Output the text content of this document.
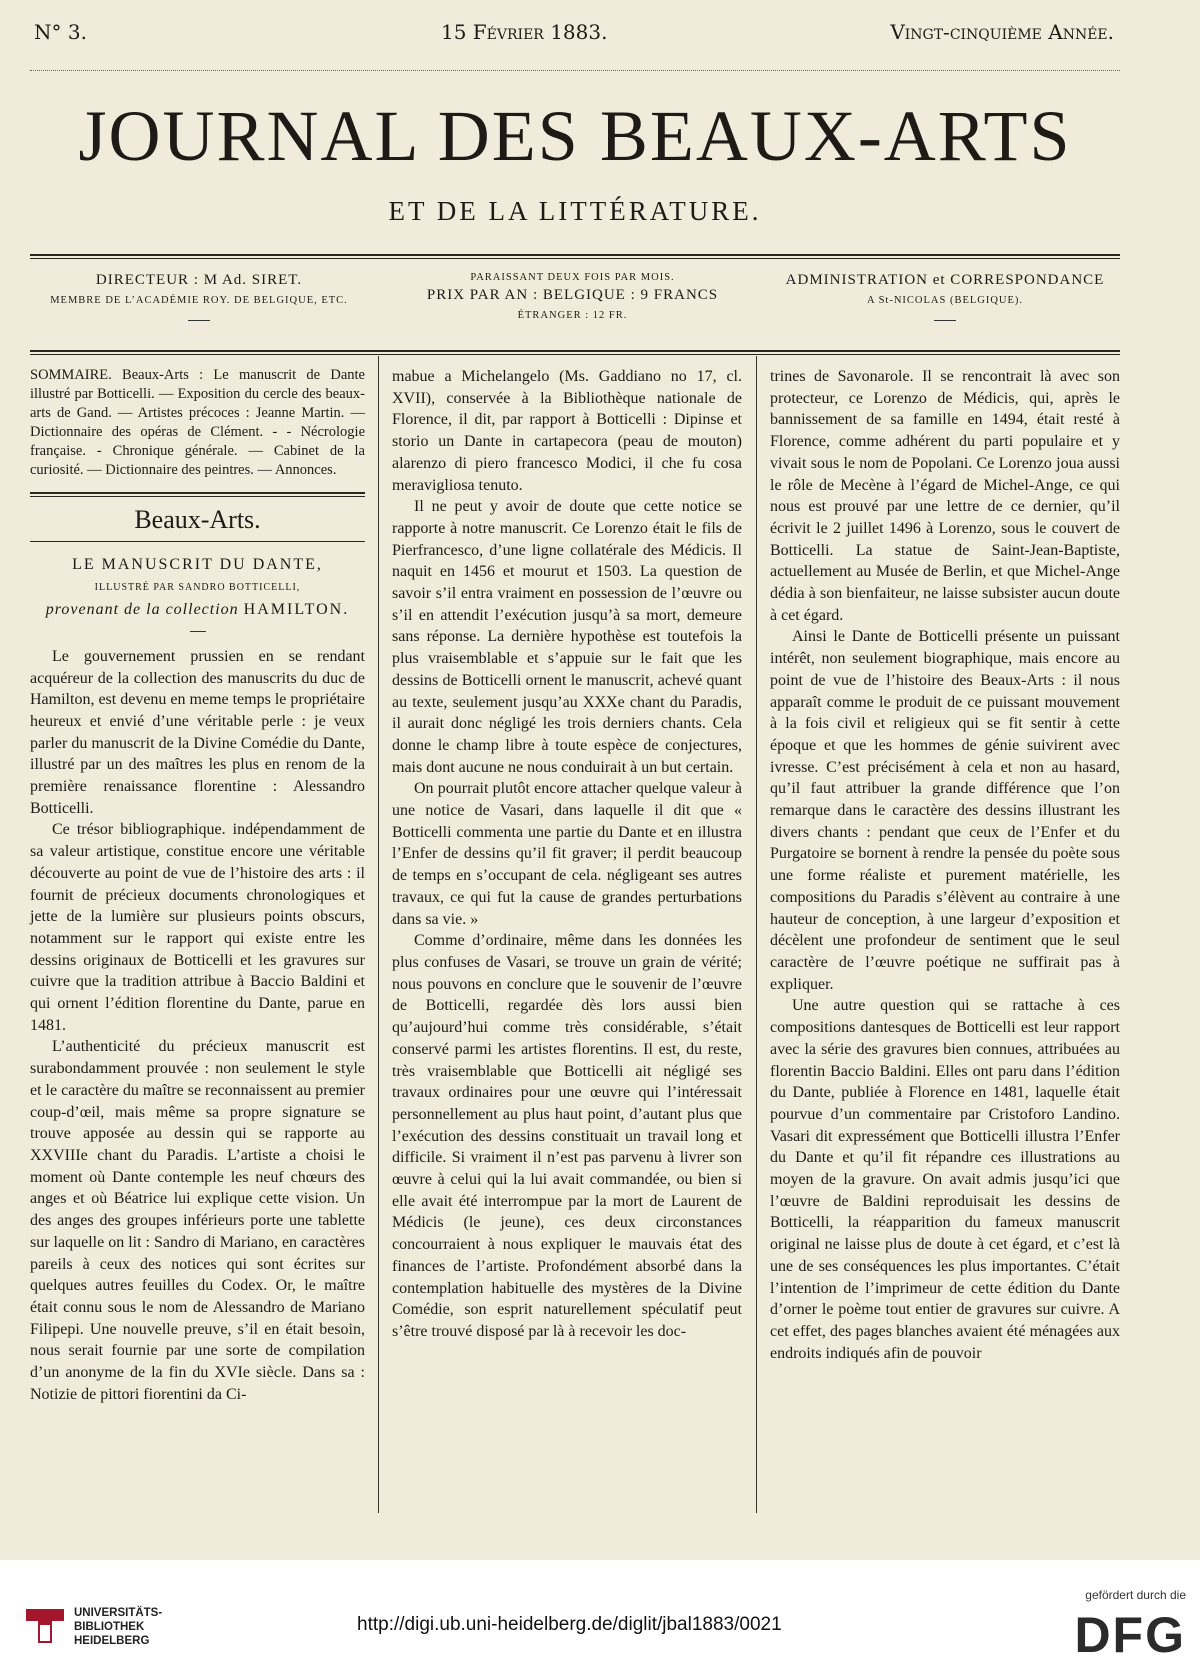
N° 3.	15 Février 1883.	Vingt-cinquième Année.
JOURNAL DES BEAUX-ARTS
ET DE LA LITTÉRATURE.
DIRECTEUR : M Ad. SIRET.
MEMBRE DE L’ACADÉMIE ROY. DE BELGIQUE, ETC.
PARAISSANT DEUX FOIS PAR MOIS.
PRIX PAR AN : BELGIQUE : 9 FRANCS
ÉTRANGER : 12 FR.
ADMINISTRATION et CORRESPONDANCE
A St-NICOLAS (BELGIQUE).

SOMMAIRE. Beaux-Arts : Le manuscrit de Dante illustré par Botticelli. — Exposition du cercle des beaux-arts de Gand. — Artistes précoces : Jeanne Martin. — Dictionnaire des opéras de Clément. - - Nécrologie française. - Chronique générale. — Cabinet de la curiosité. — Dictionnaire des peintres. — Annonces.

Beaux-Arts.
LE MANUSCRIT DU DANTE,
ILLUSTRÉ PAR SANDRO BOTTICELLI,
provenant de la collection HAMILTON.

Le gouvernement prussien en se rendant acquéreur de la collection des manuscrits du duc de Hamilton, est devenu en meme temps le propriétaire heureux et envié d’une véritable perle : je veux parler du manuscrit de la Divine Comédie du Dante, illustré par un des maîtres les plus en renom de la première renaissance florentine : Alessandro Botticelli.

Ce trésor bibliographique. indépendamment de sa valeur artistique, constitue encore une véritable découverte au point de vue de l’histoire des arts : il fournit de précieux documents chronologiques et jette de la lumière sur plusieurs points obscurs, notamment sur le rapport qui existe entre les dessins originaux de Botticelli et les gravures sur cuivre que la tradition attribue à Baccio Baldini et qui ornent l’édition florentine du Dante, parue en 1481.

L’authenticité du précieux manuscrit est surabondamment prouvée : non seulement le style et le caractère du maître se reconnaissent au premier coup-d’œil, mais même sa propre signature se trouve apposée au dessin qui se rapporte au XXVIIIe chant du Paradis. L’artiste a choisi le moment où Dante contemple les neuf chœurs des anges et où Béatrice lui explique cette vision. Un des anges des groupes inférieurs porte une tablette sur laquelle on lit : Sandro di Mariano, en caractères pareils à ceux des notices qui sont écrites sur quelques autres feuilles du Codex. Or, le maître était connu sous le nom de Alessandro de Mariano Filipepi. Une nouvelle preuve, s’il en était besoin, nous serait fournie par une sorte de compilation d’un anonyme de la fin du XVIe siècle. Dans sa : Notizie de pittori fiorentini da Ci-

mabue a Michelangelo (Ms. Gaddiano no 17, cl. XVII), conservée à la Bibliothèque nationale de Florence, il dit, par rapport à Botticelli : Dipinse et storio un Dante in cartapecora (peau de mouton) alarenzo di piero francesco Modici, il che fu cosa meravigliosa tenuto.

Il ne peut y avoir de doute que cette notice se rapporte à notre manuscrit. Ce Lorenzo était le fils de Pierfrancesco, d’une ligne collatérale des Médicis. Il naquit en 1456 et mourut et 1503. La question de savoir s’il entra vraiment en possession de l’œuvre ou s’il en attendit l’exécution jusqu’à sa mort, demeure sans réponse. La dernière hypothèse est toutefois la plus vraisemblable et s’appuie sur le fait que les dessins de Botticelli ornent le manuscrit, achevé quant au texte, seulement jusqu’au XXXe chant du Paradis, il aurait donc négligé les trois derniers chants. Cela donne le champ libre à toute espèce de conjectures, mais dont aucune ne nous conduirait à un but certain.

On pourrait plutôt encore attacher quelque valeur à une notice de Vasari, dans laquelle il dit que « Botticelli commenta une partie du Dante et en illustra l’Enfer de dessins qu’il fit graver; il perdit beaucoup de temps en s’occupant de cela. négligeant ses autres travaux, ce qui fut la cause de grandes perturbations dans sa vie. »

Comme d’ordinaire, même dans les données les plus confuses de Vasari, se trouve un grain de vérité; nous pouvons en conclure que le souvenir de l’œuvre de Botticelli, regardée dès lors aussi bien qu’aujourd’hui comme très considérable, s’était conservé parmi les artistes florentins. Il est, du reste, très vraisemblable que Botticelli ait négligé ses travaux ordinaires pour une œuvre qui l’intéressait personnellement au plus haut point, d’autant plus que l’exécution des dessins constituait un travail long et difficile. Si vraiment il n’est pas parvenu à livrer son œuvre à celui qui la lui avait commandée, ou bien si elle avait été interrompue par la mort de Laurent de Médicis (le jeune), ces deux circonstances concourraient à nous expliquer le mauvais état des finances de l’artiste. Profondément absorbé dans la contemplation habituelle des mystères de la Divine Comédie, son esprit naturellement spéculatif peut s’être trouvé disposé par là à recevoir les doc-

trines de Savonarole. Il se rencontrait là avec son protecteur, ce Lorenzo de Médicis, qui, après le bannissement de sa famille en 1494, était resté à Florence, comme adhérent du parti populaire et y vivait sous le nom de Popolani. Ce Lorenzo joua aussi le rôle de Mecène à l’égard de Michel-Ange, ce qui nous est prouvé par une lettre de ce dernier, qu’il écrivit le 2 juillet 1496 à Lorenzo, sous le couvert de Botticelli. La statue de Saint-Jean-Baptiste, actuellement au Musée de Berlin, et que Michel-Ange dédia à son bienfaiteur, ne laisse subsister aucun doute à cet égard.

Ainsi le Dante de Botticelli présente un puissant intérêt, non seulement biographique, mais encore au point de vue de l’histoire des Beaux-Arts : il nous apparaît comme le produit de ce puissant mouvement à la fois civil et religieux qui se fit sentir à cette époque et que les hommes de génie suivirent avec ivresse. C’est précisément à cela et non au hasard, qu’il faut attribuer la grande différence que l’on remarque dans le caractère des dessins illustrant les divers chants : pendant que ceux de l’Enfer et du Purgatoire se bornent à rendre la pensée du poète sous une forme réaliste et purement matérielle, les compositions du Paradis s’élèvent au contraire à une hauteur de conception, à une largeur d’exposition et décèlent une profondeur de sentiment que le seul caractère de l’œuvre poétique ne suffirait pas à expliquer.

Une autre question qui se rattache à ces compositions dantesques de Botticelli est leur rapport avec la série des gravures bien connues, attribuées au florentin Baccio Baldini. Elles ont paru dans l’édition du Dante, publiée à Florence en 1481, laquelle était pourvue d’un commentaire par Cristoforo Landino. Vasari dit expressément que Botticelli illustra l’Enfer du Dante et qu’il fit répandre ces illustrations au moyen de la gravure. On avait admis jusqu’ici que l’œuvre de Baldini reproduisait les dessins de Botticelli, la réapparition du fameux manuscrit original ne laisse plus de doute à cet égard, et c’est là une de ses conséquences les plus importantes. C’était l’intention de l’imprimeur de cette édition du Dante d’orner le poème tout entier de gravures sur cuivre. A cet effet, des pages blanches avaient été ménagées aux endroits indiqués afin de pouvoir

UNIVERSITÄTS-
BIBLIOTHEK
HEIDELBERG
http://digi.ub.uni-heidelberg.de/diglit/jbal1883/0021
gefördert durch die
DFG
